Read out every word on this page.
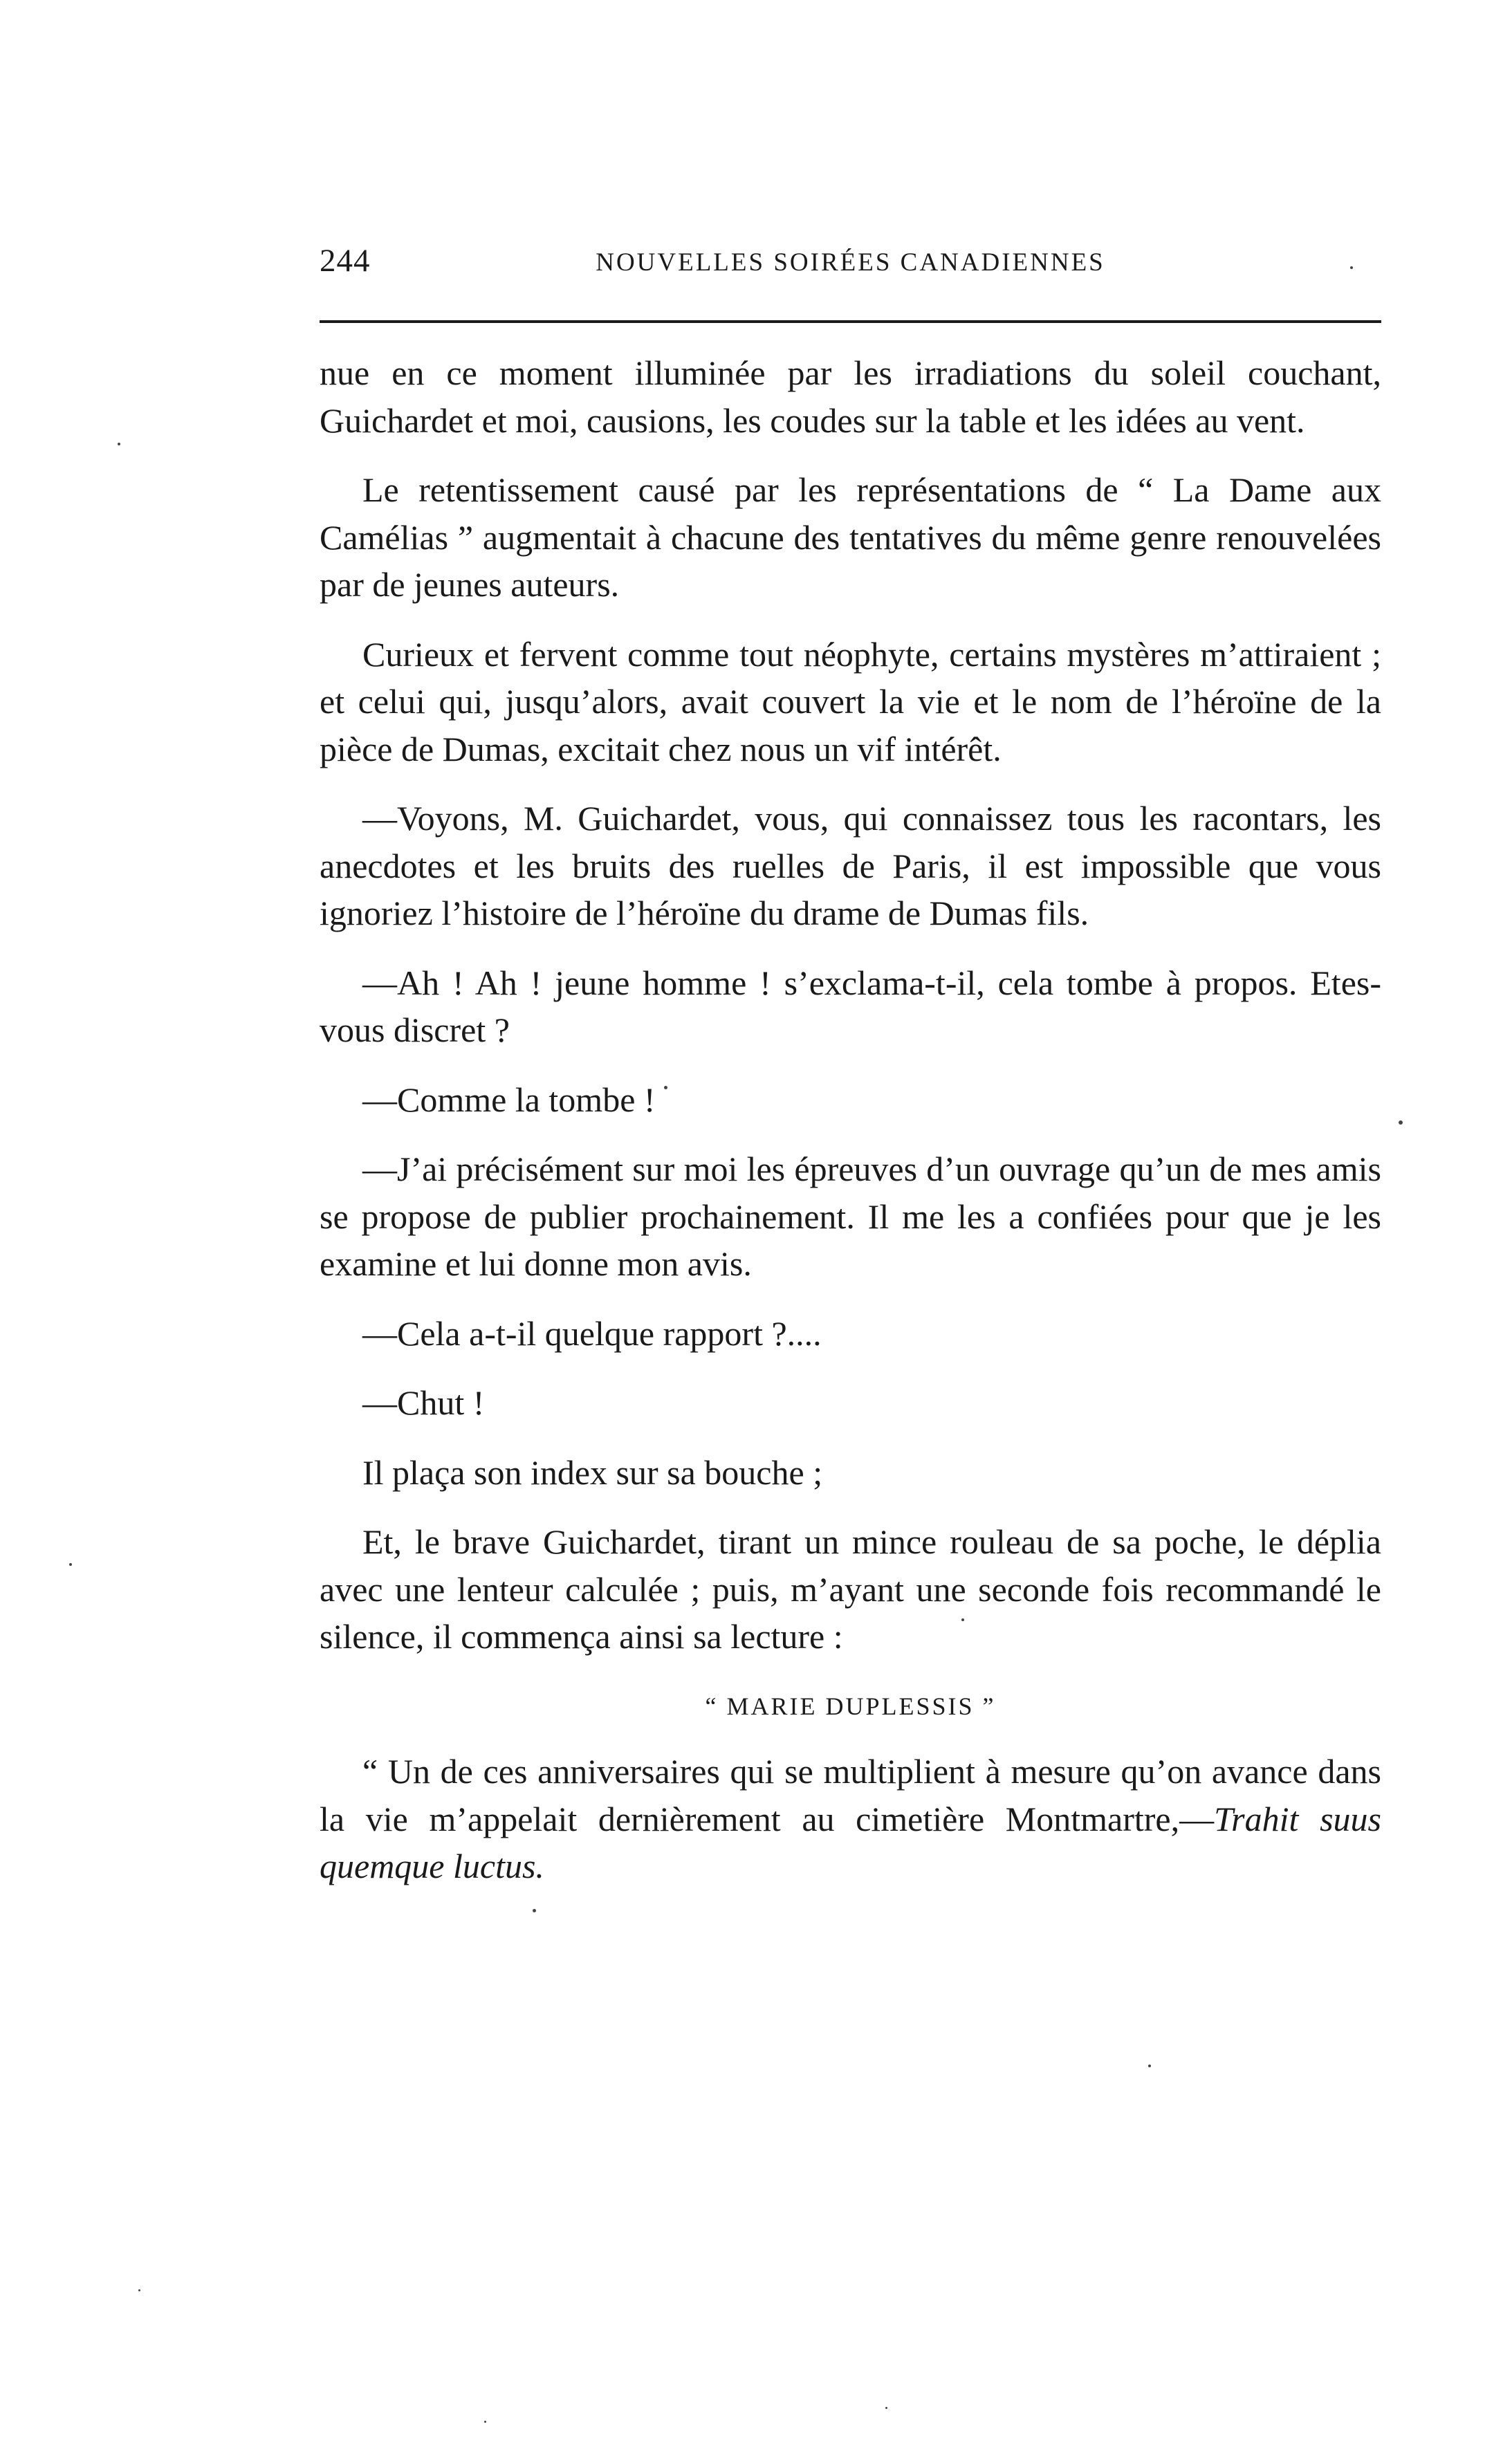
244	NOUVELLES SOIRÉES CANADIENNES

nue en ce moment illuminée par les irradiations du soleil couchant, Guichardet et moi, causions, les coudes sur la table et les idées au vent.

Le retentissement causé par les représentations de “ La Dame aux Camélias ” augmentait à chacune des tentatives du même genre renouvelées par de jeunes auteurs.

Curieux et fervent comme tout néophyte, certains mystères m’attiraient ; et celui qui, jusqu’alors, avait couvert la vie et le nom de l’héroïne de la pièce de Dumas, excitait chez nous un vif intérêt.

—Voyons, M. Guichardet, vous, qui connaissez tous les racontars, les anecdotes et les bruits des ruelles de Paris, il est impossible que vous ignoriez l’histoire de l’héroïne du drame de Dumas fils.

—Ah ! Ah ! jeune homme ! s’exclama-t-il, cela tombe à propos. Etes-vous discret ?

—Comme la tombe !

—J’ai précisément sur moi les épreuves d’un ouvrage qu’un de mes amis se propose de publier prochainement. Il me les a confiées pour que je les examine et lui donne mon avis.

—Cela a-t-il quelque rapport ?....

—Chut !

Il plaça son index sur sa bouche ;

Et, le brave Guichardet, tirant un mince rouleau de sa poche, le déplia avec une lenteur calculée ; puis, m’ayant une seconde fois recommandé le silence, il commença ainsi sa lecture :

“ MARIE DUPLESSIS ”

“ Un de ces anniversaires qui se multiplient à mesure qu’on avance dans la vie m’appelait dernièrement au cimetière Montmartre,—Trahit suus quemque luctus.
